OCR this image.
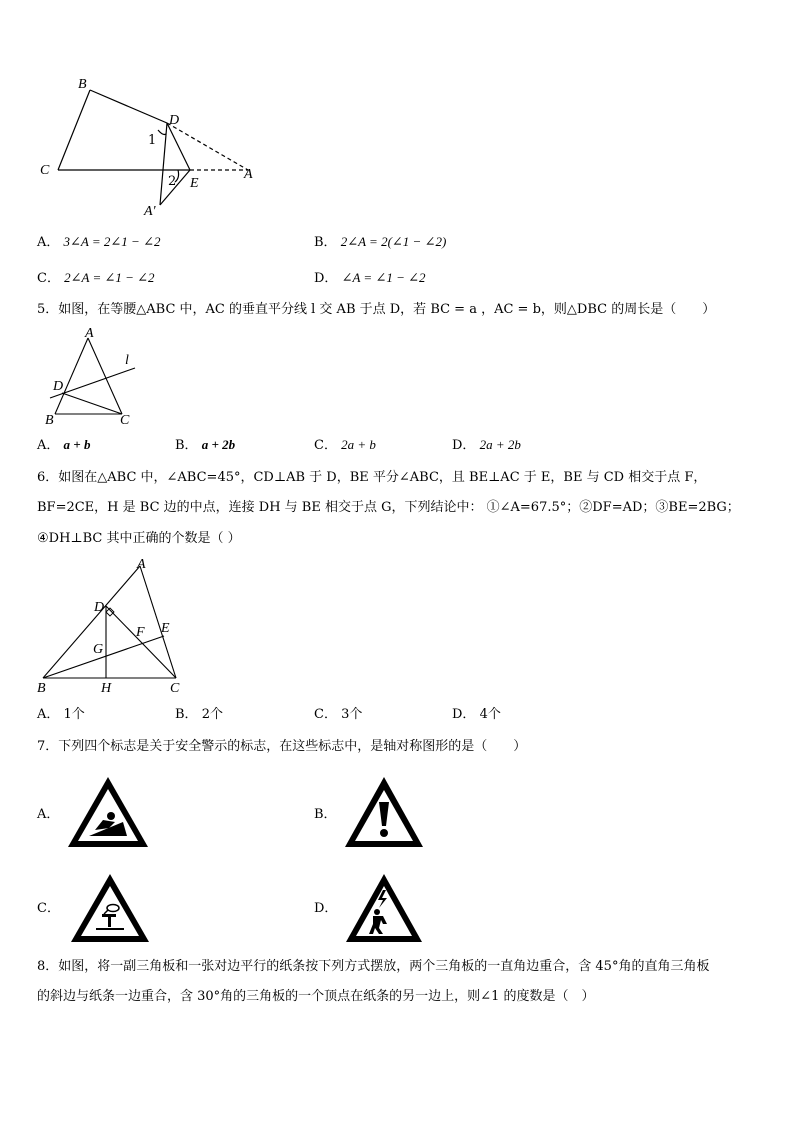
B
C
D
A
E
A'
1
2
A． 3∠A = 2∠1 − ∠2	B． 2∠A = 2(∠1 − ∠2)
C． 2∠A = ∠1 − ∠2	D． ∠A = ∠1 − ∠2
5．如图，在等腰△ABC 中，AC 的垂直平分线 l 交 AB 于点 D，若 BC = a ，AC = b，则△DBC 的周长是（　　）
A
B	C
D
l
A． a + b	B． a + 2b	C． 2a + b	D． 2a + 2b
6．如图在△ABC 中，∠ABC=45°，CD⊥AB 于 D，BE 平分∠ABC，且 BE⊥AC 于 E，BE 与 CD 相交于点 F，
BF=2CE，H 是 BC 边的中点，连接 DH 与 BE 相交于点 G，下列结论中： ①∠A=67.5°；②DF=AD；③BE=2BG；
④DH⊥BC 其中正确的个数是（ ）
A
B	C
D
E
F
G
H
A． 1个	B． 2个	C． 3个	D． 4个
7．下列四个标志是关于安全警示的标志，在这些标志中，是轴对称图形的是（　　）
A．	B．
C．	D．
8．如图，将一副三角板和一张对边平行的纸条按下列方式摆放，两个三角板的一直角边重合，含 45°角的直角三角板
的斜边与纸条一边重合，含 30°角的三角板的一个顶点在纸条的另一边上，则∠1 的度数是（　）
